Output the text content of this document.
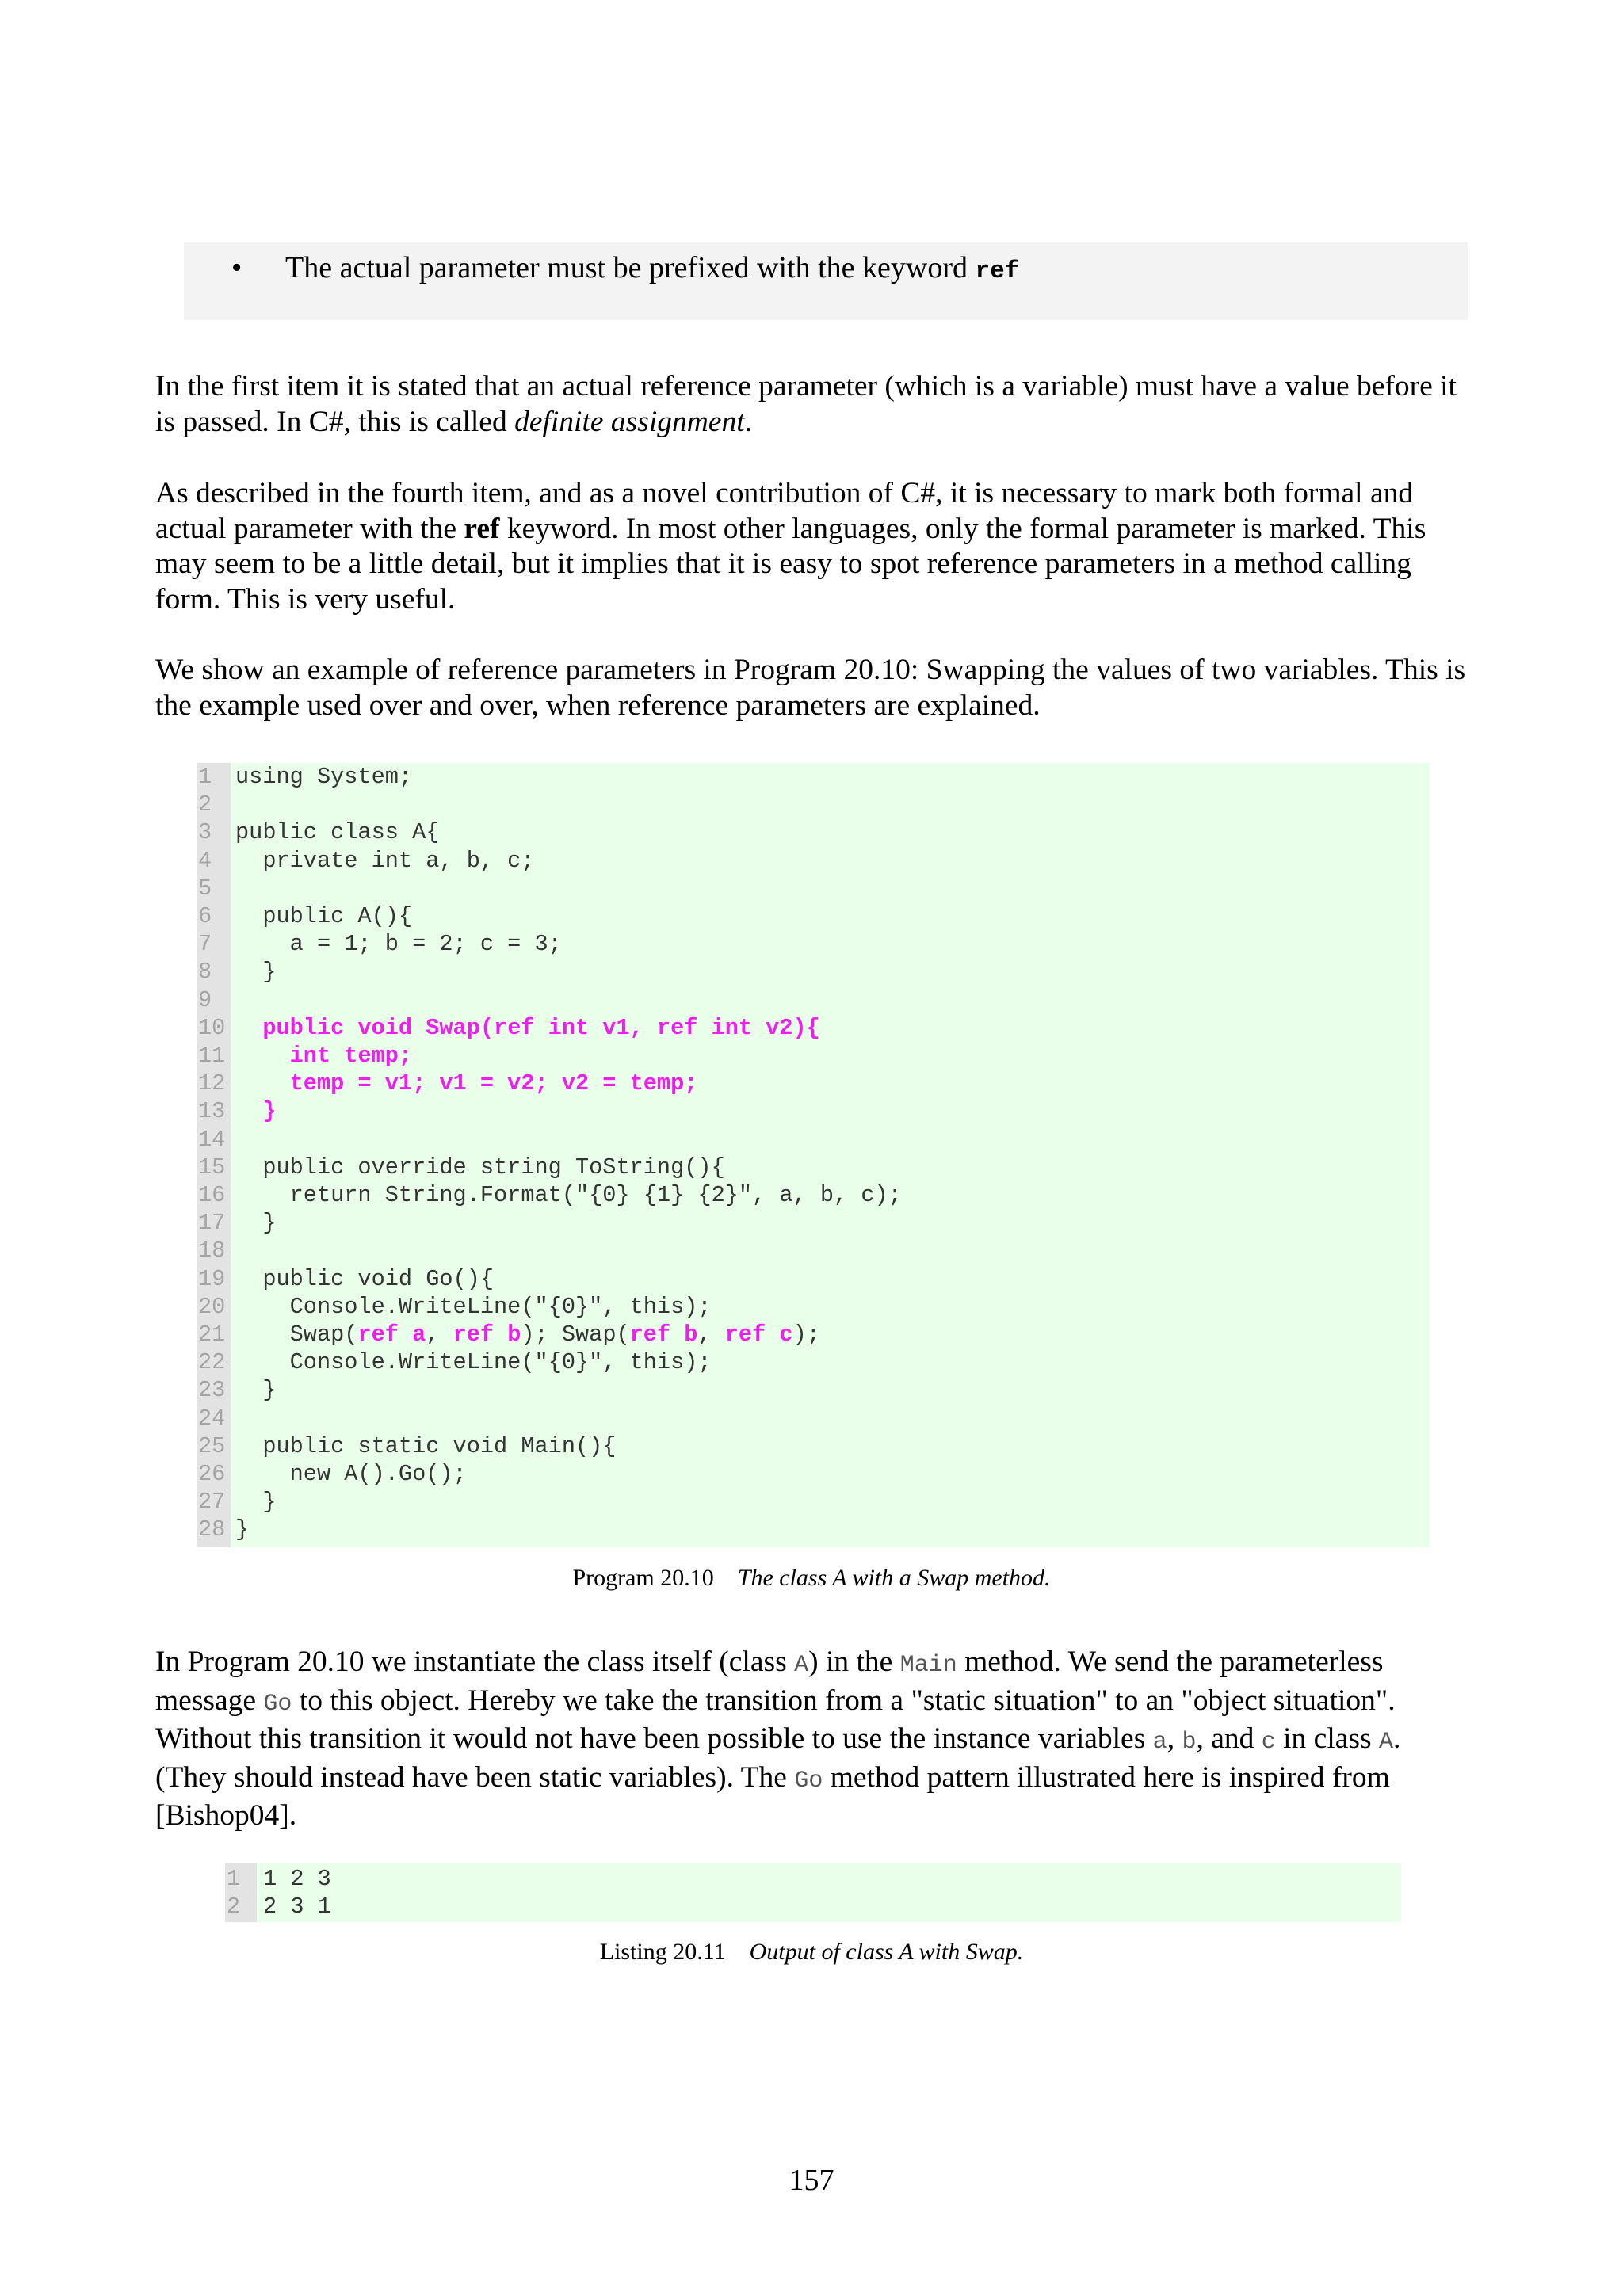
• The actual parameter must be prefixed with the keyword ref

In the first item it is stated that an actual reference parameter (which is a variable) must have a value before it is passed. In C#, this is called definite assignment.

As described in the fourth item, and as a novel contribution of C#, it is necessary to mark both formal and actual parameter with the ref keyword. In most other languages, only the formal parameter is marked. This may seem to be a little detail, but it implies that it is easy to spot reference parameters in a method calling form. This is very useful.

We show an example of reference parameters in Program 20.10: Swapping the values of two variables. This is the example used over and over, when reference parameters are explained.

1 using System;
2
3 public class A{
4  private int a, b, c;
5
6  public A(){
7    a = 1; b = 2; c = 3;
8  }
9
10 public void Swap(ref int v1, ref int v2){
11	int temp;
12	temp = v1; v1 = v2; v2 = temp;
13 }
14
15  public override string ToString(){
16    return String.Format("{0} {1} {2}", a, b, c);
17  }
18
19  public void Go(){
20    Console.WriteLine("{0}", this);
21    Swap(ref a, ref b); Swap(ref b, ref c);
22    Console.WriteLine("{0}", this);
23  }
24
25  public static void Main(){
26    new A().Go();
27  }
28 }
Program 20.10 The class A with a Swap method.

In Program 20.10 we instantiate the class itself (class A) in the Main method. We send the parameterless message Go to this object. Hereby we take the transition from a "static situation" to an "object situation". Without this transition it would not have been possible to use the instance variables a, b, and c in class A. (They should instead have been static variables). The Go method pattern illustrated here is inspired from [Bishop04].

1 1 2 3
2 2 3 1
Listing 20.11 Output of class A with Swap.
157
